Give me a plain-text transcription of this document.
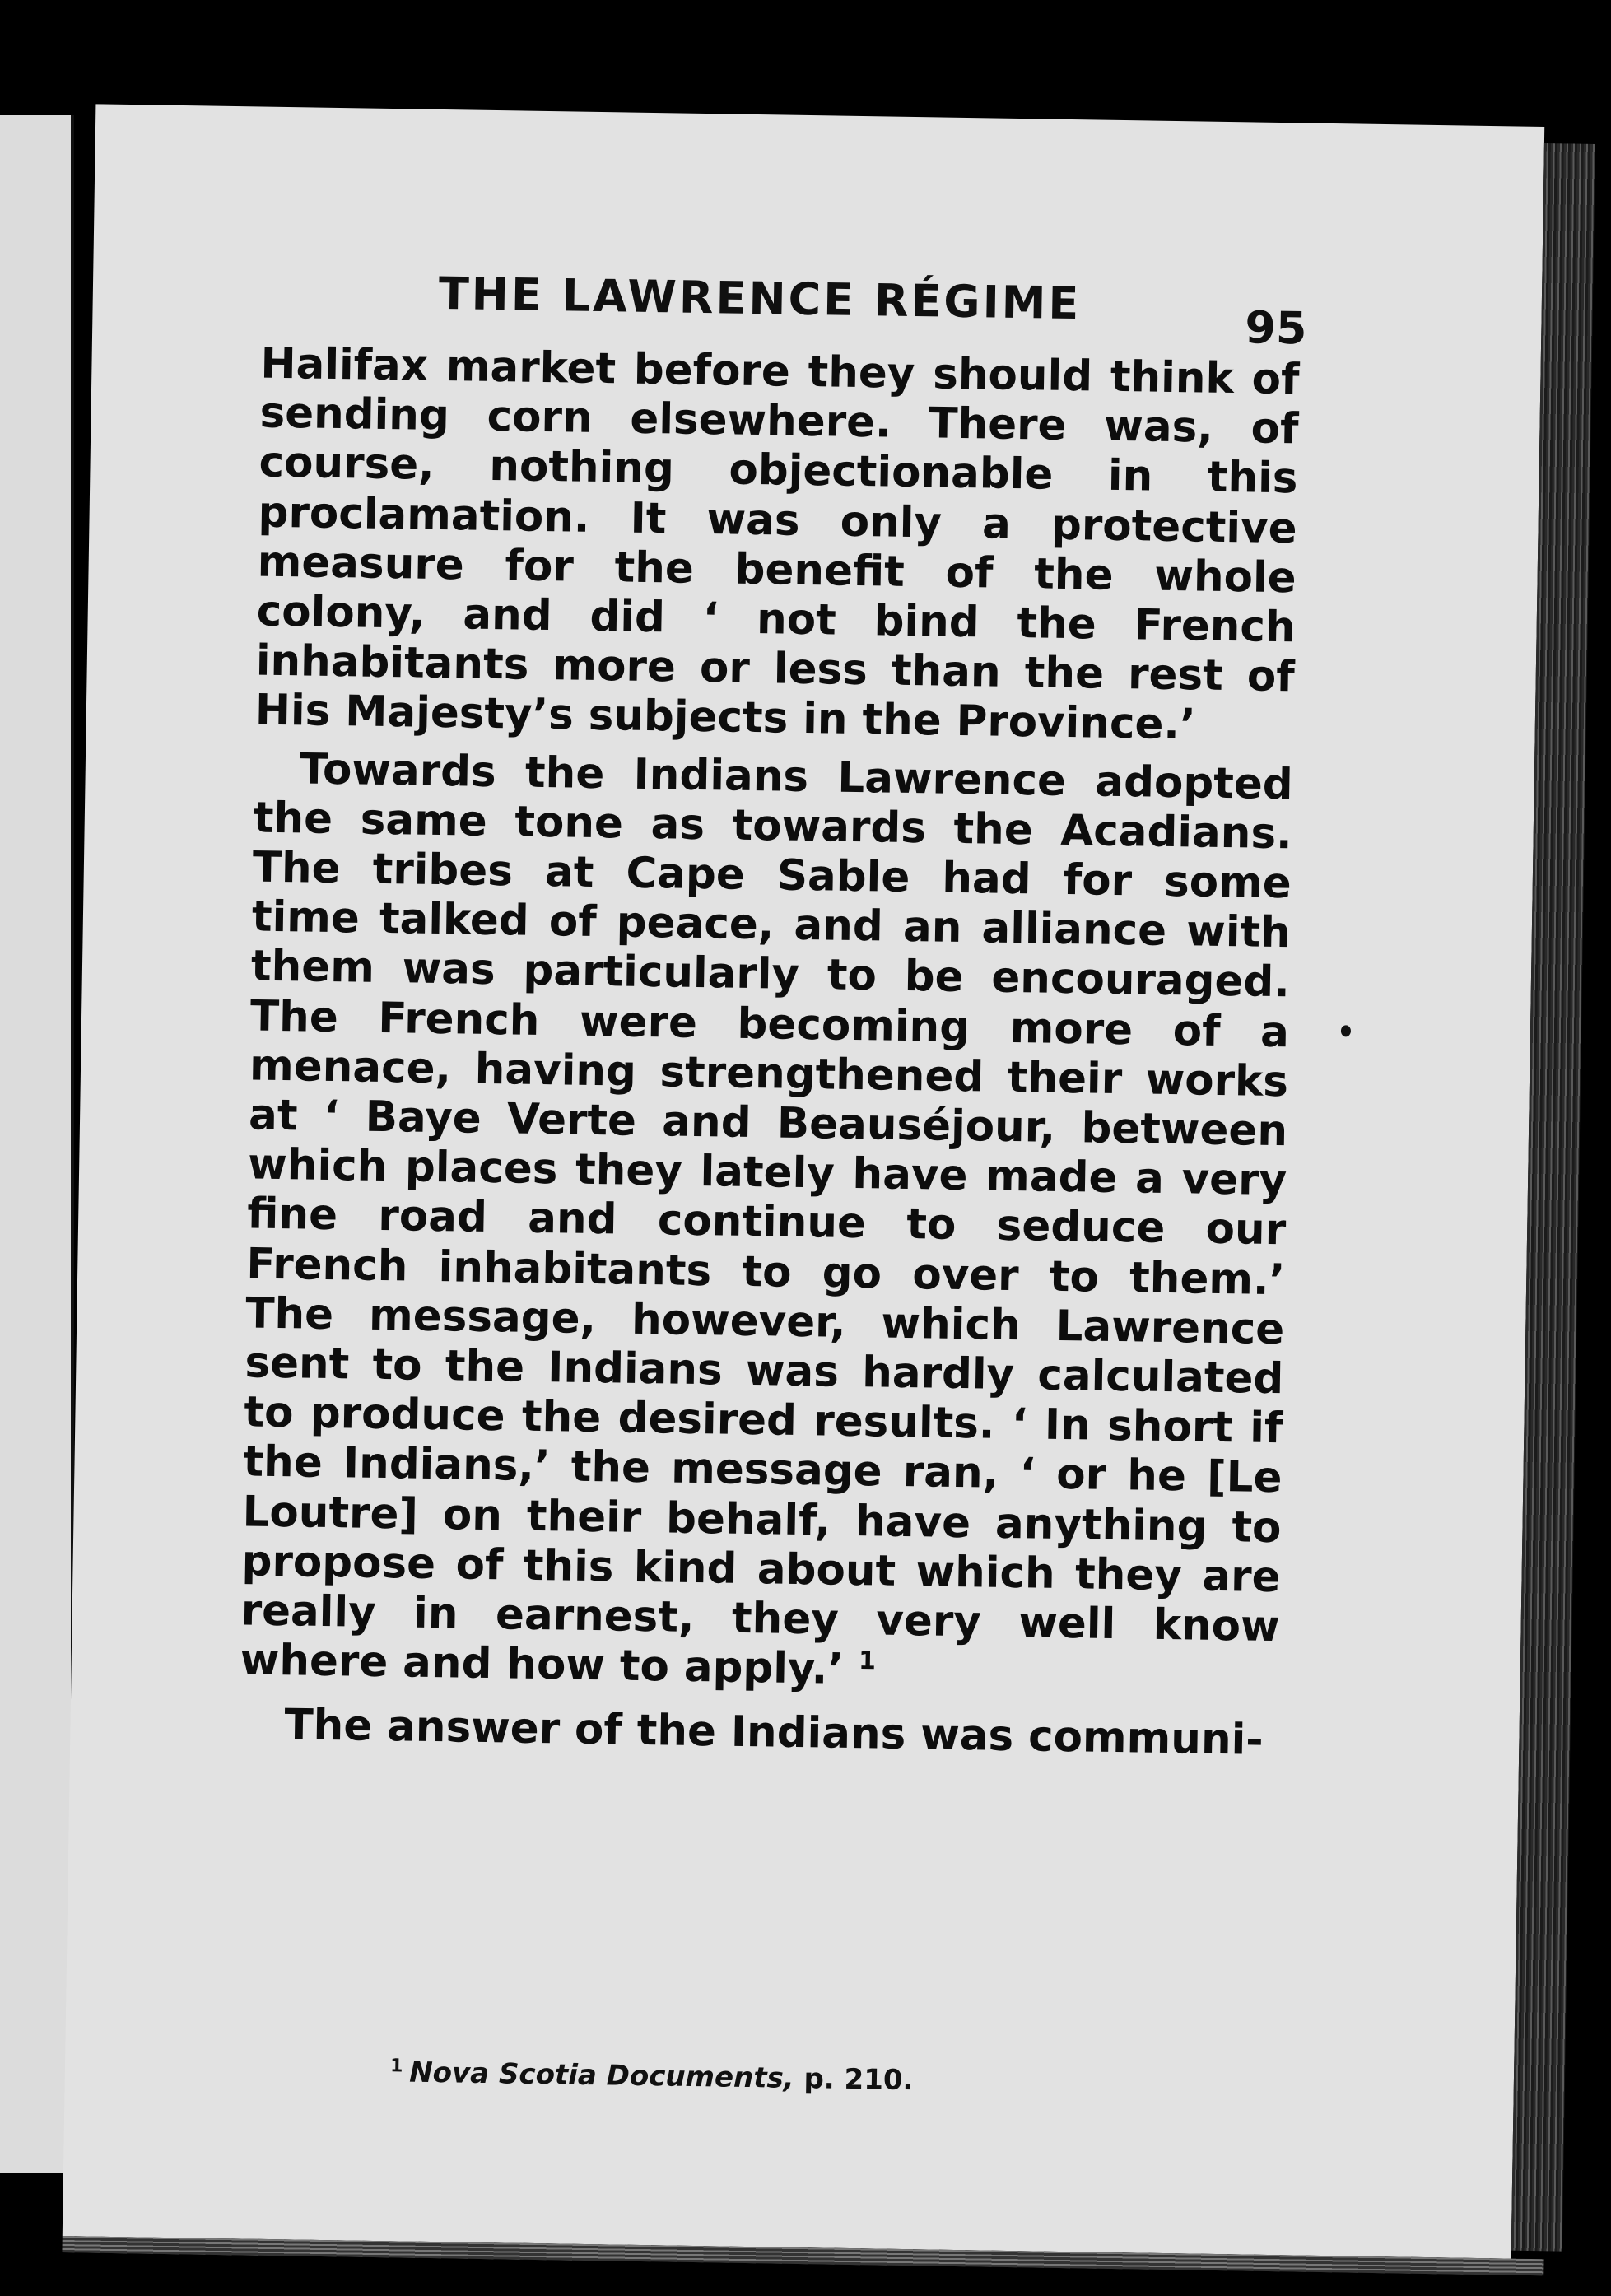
THE LAWRENCE RÉGIME	95

Halifax market before they should think of sending corn elsewhere. There was, of course, nothing objectionable in this proclamation. It was only a protective measure for the benefit of the whole colony, and did ‘ not bind the French inhabitants more or less than the rest of His Majesty’s subjects in the Province.’

Towards the Indians Lawrence adopted the same tone as towards the Acadians. The tribes at Cape Sable had for some time talked of peace, and an alliance with them was particularly to be encouraged. The French were becoming more of a menace, having strengthened their works at ‘ Baye Verte and Beauséjour, between which places they lately have made a very fine road and continue to seduce our French inhabitants to go over to them.’ The message, however, which Lawrence sent to the Indians was hardly calculated to produce the desired results. ‘ In short if the Indians,’ the message ran, ‘ or he [Le Loutre] on their behalf, have anything to propose of this kind about which they are really in earnest, they very well know where and how to apply.’ $^1$

The answer of the Indians was communi-

$^1$ Nova Scotia Documents, p. 210.
